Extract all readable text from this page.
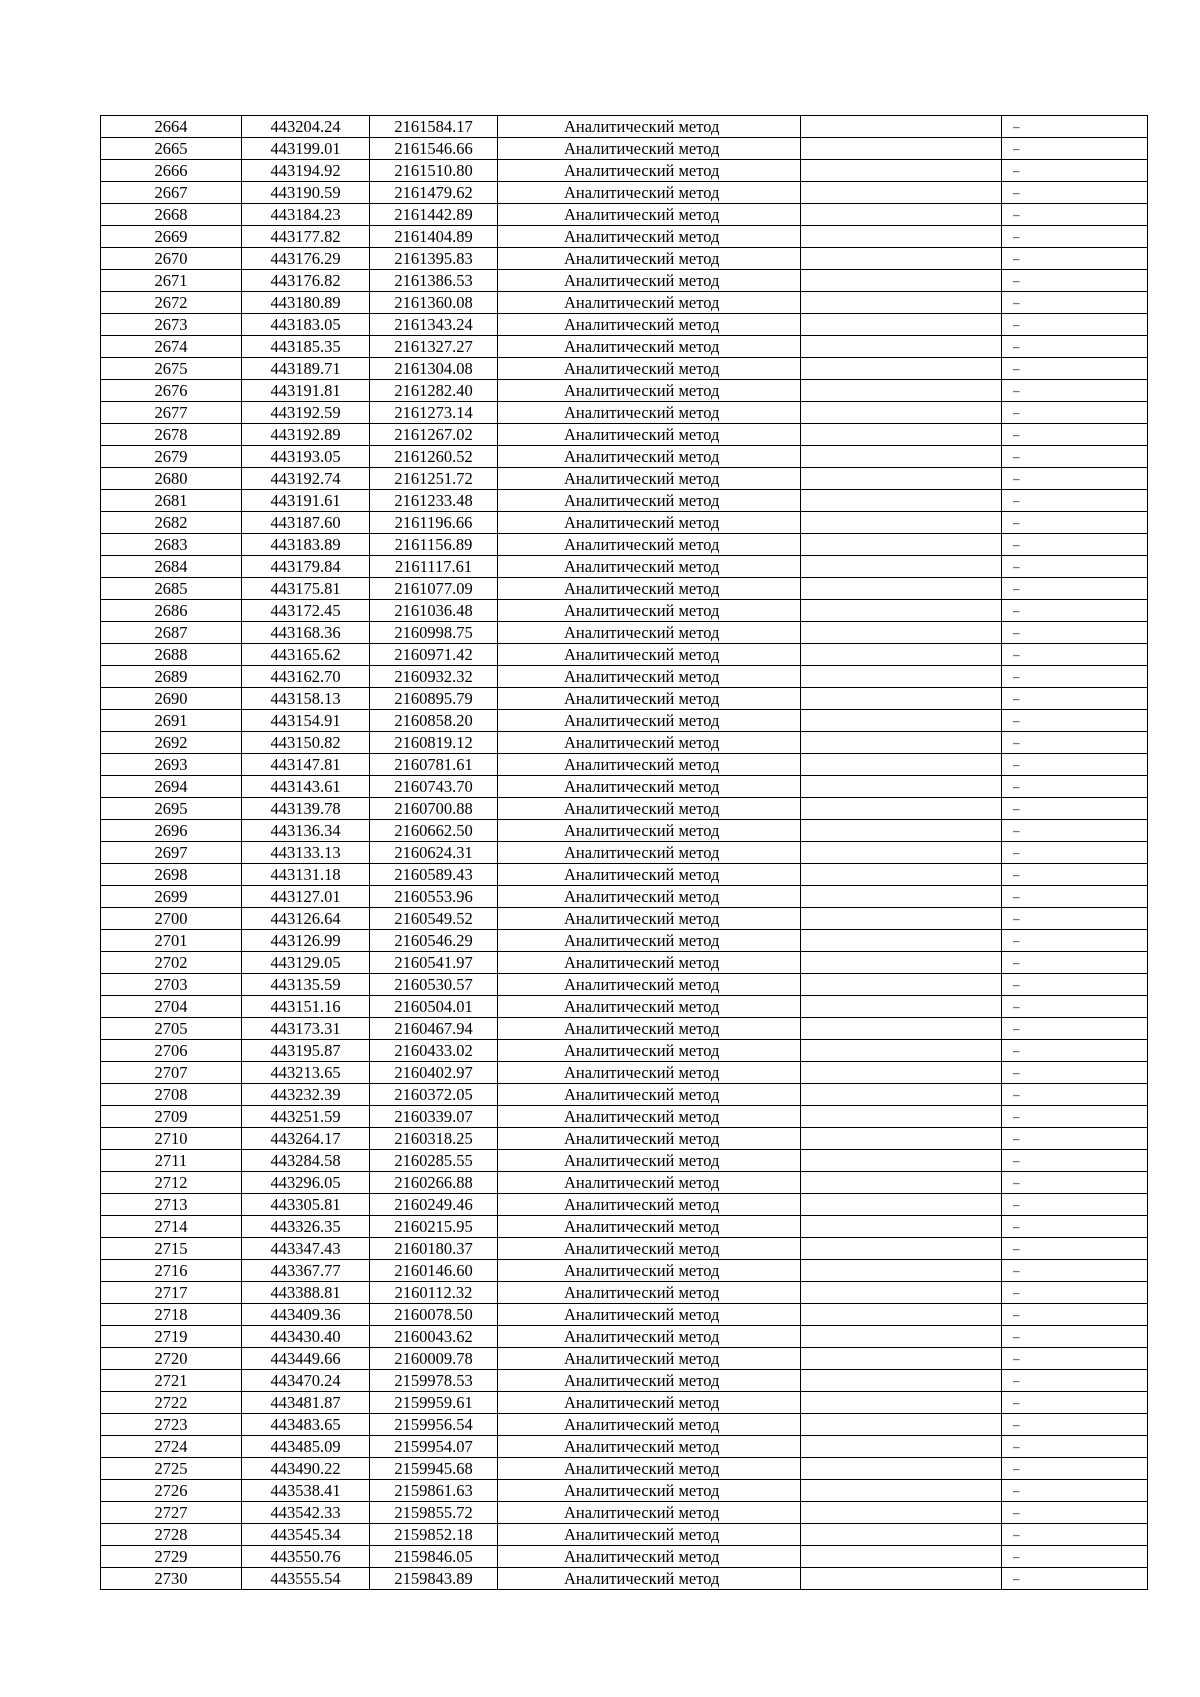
2664	443204.24	2161584.17	Аналитический метод		–
2665	443199.01	2161546.66	Аналитический метод		–
2666	443194.92	2161510.80	Аналитический метод		–
2667	443190.59	2161479.62	Аналитический метод		–
2668	443184.23	2161442.89	Аналитический метод		–
2669	443177.82	2161404.89	Аналитический метод		–
2670	443176.29	2161395.83	Аналитический метод		–
2671	443176.82	2161386.53	Аналитический метод		–
2672	443180.89	2161360.08	Аналитический метод		–
2673	443183.05	2161343.24	Аналитический метод		–
2674	443185.35	2161327.27	Аналитический метод		–
2675	443189.71	2161304.08	Аналитический метод		–
2676	443191.81	2161282.40	Аналитический метод		–
2677	443192.59	2161273.14	Аналитический метод		–
2678	443192.89	2161267.02	Аналитический метод		–
2679	443193.05	2161260.52	Аналитический метод		–
2680	443192.74	2161251.72	Аналитический метод		–
2681	443191.61	2161233.48	Аналитический метод		–
2682	443187.60	2161196.66	Аналитический метод		–
2683	443183.89	2161156.89	Аналитический метод		–
2684	443179.84	2161117.61	Аналитический метод		–
2685	443175.81	2161077.09	Аналитический метод		–
2686	443172.45	2161036.48	Аналитический метод		–
2687	443168.36	2160998.75	Аналитический метод		–
2688	443165.62	2160971.42	Аналитический метод		–
2689	443162.70	2160932.32	Аналитический метод		–
2690	443158.13	2160895.79	Аналитический метод		–
2691	443154.91	2160858.20	Аналитический метод		–
2692	443150.82	2160819.12	Аналитический метод		–
2693	443147.81	2160781.61	Аналитический метод		–
2694	443143.61	2160743.70	Аналитический метод		–
2695	443139.78	2160700.88	Аналитический метод		–
2696	443136.34	2160662.50	Аналитический метод		–
2697	443133.13	2160624.31	Аналитический метод		–
2698	443131.18	2160589.43	Аналитический метод		–
2699	443127.01	2160553.96	Аналитический метод		–
2700	443126.64	2160549.52	Аналитический метод		–
2701	443126.99	2160546.29	Аналитический метод		–
2702	443129.05	2160541.97	Аналитический метод		–
2703	443135.59	2160530.57	Аналитический метод		–
2704	443151.16	2160504.01	Аналитический метод		–
2705	443173.31	2160467.94	Аналитический метод		–
2706	443195.87	2160433.02	Аналитический метод		–
2707	443213.65	2160402.97	Аналитический метод		–
2708	443232.39	2160372.05	Аналитический метод		–
2709	443251.59	2160339.07	Аналитический метод		–
2710	443264.17	2160318.25	Аналитический метод		–
2711	443284.58	2160285.55	Аналитический метод		–
2712	443296.05	2160266.88	Аналитический метод		–
2713	443305.81	2160249.46	Аналитический метод		–
2714	443326.35	2160215.95	Аналитический метод		–
2715	443347.43	2160180.37	Аналитический метод		–
2716	443367.77	2160146.60	Аналитический метод		–
2717	443388.81	2160112.32	Аналитический метод		–
2718	443409.36	2160078.50	Аналитический метод		–
2719	443430.40	2160043.62	Аналитический метод		–
2720	443449.66	2160009.78	Аналитический метод		–
2721	443470.24	2159978.53	Аналитический метод		–
2722	443481.87	2159959.61	Аналитический метод		–
2723	443483.65	2159956.54	Аналитический метод		–
2724	443485.09	2159954.07	Аналитический метод		–
2725	443490.22	2159945.68	Аналитический метод		–
2726	443538.41	2159861.63	Аналитический метод		–
2727	443542.33	2159855.72	Аналитический метод		–
2728	443545.34	2159852.18	Аналитический метод		–
2729	443550.76	2159846.05	Аналитический метод		–
2730	443555.54	2159843.89	Аналитический метод		–
